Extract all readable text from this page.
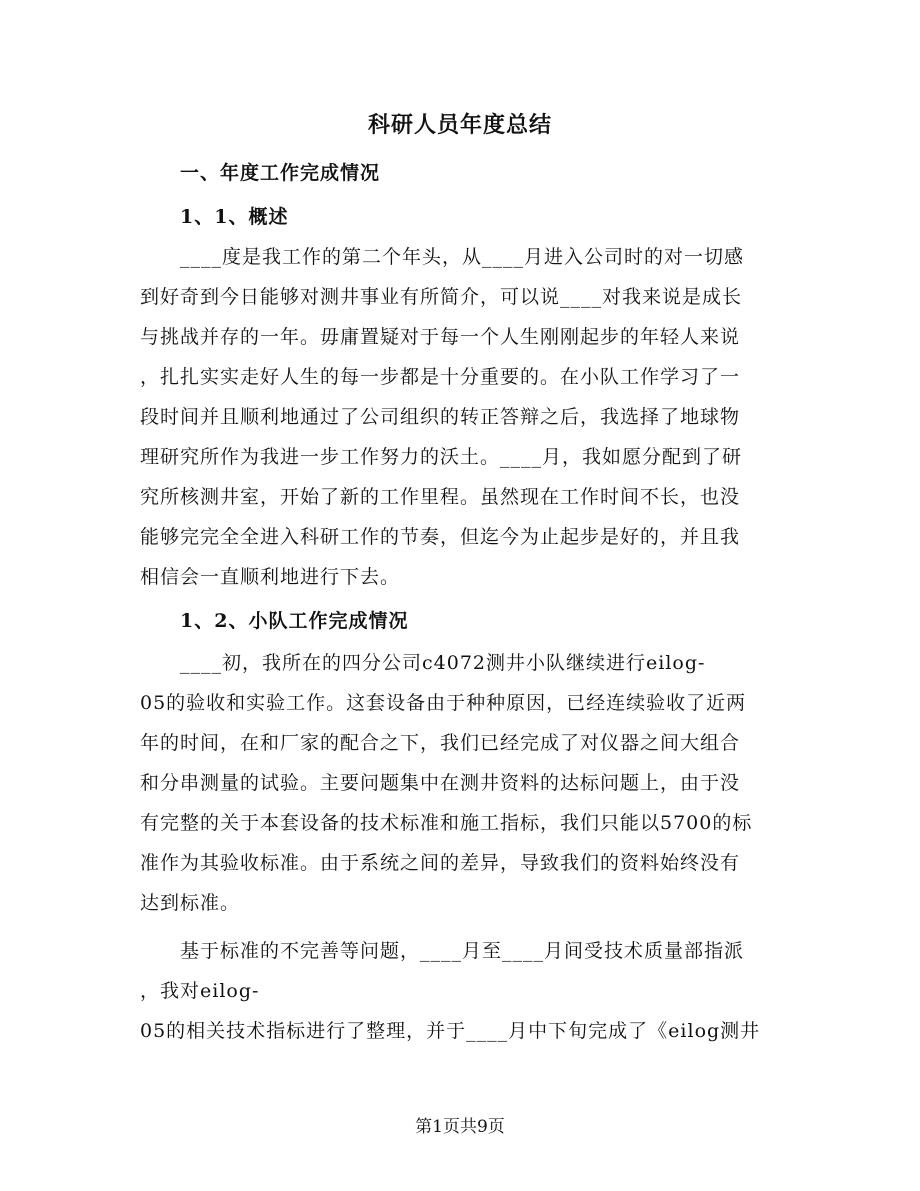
科研人员年度总结
一、年度工作完成情况
1、1、概述
____度是我工作的第二个年头，从____月进入公司时的对一切感
到好奇到今日能够对测井事业有所简介，可以说____对我来说是成长
与挑战并存的一年。毋庸置疑对于每一个人生刚刚起步的年轻人来说
，扎扎实实走好人生的每一步都是十分重要的。在小队工作学习了一
段时间并且顺利地通过了公司组织的转正答辩之后，我选择了地球物
理研究所作为我进一步工作努力的沃土。____月，我如愿分配到了研
究所核测井室，开始了新的工作里程。虽然现在工作时间不长，也没
能够完完全全进入科研工作的节奏，但迄今为止起步是好的，并且我
相信会一直顺利地进行下去。
1、2、小队工作完成情况
____初，我所在的四分公司c4072测井小队继续进行eilog-
05的验收和实验工作。这套设备由于种种原因，已经连续验收了近两
年的时间，在和厂家的配合之下，我们已经完成了对仪器之间大组合
和分串测量的试验。主要问题集中在测井资料的达标问题上，由于没
有完整的关于本套设备的技术标准和施工指标，我们只能以5700的标
准作为其验收标准。由于系统之间的差异，导致我们的资料始终没有
达到标准。
基于标准的不完善等问题，____月至____月间受技术质量部指派
，我对eilog-
05的相关技术指标进行了整理，并于____月中下旬完成了《eilog测井
第1页共9页
